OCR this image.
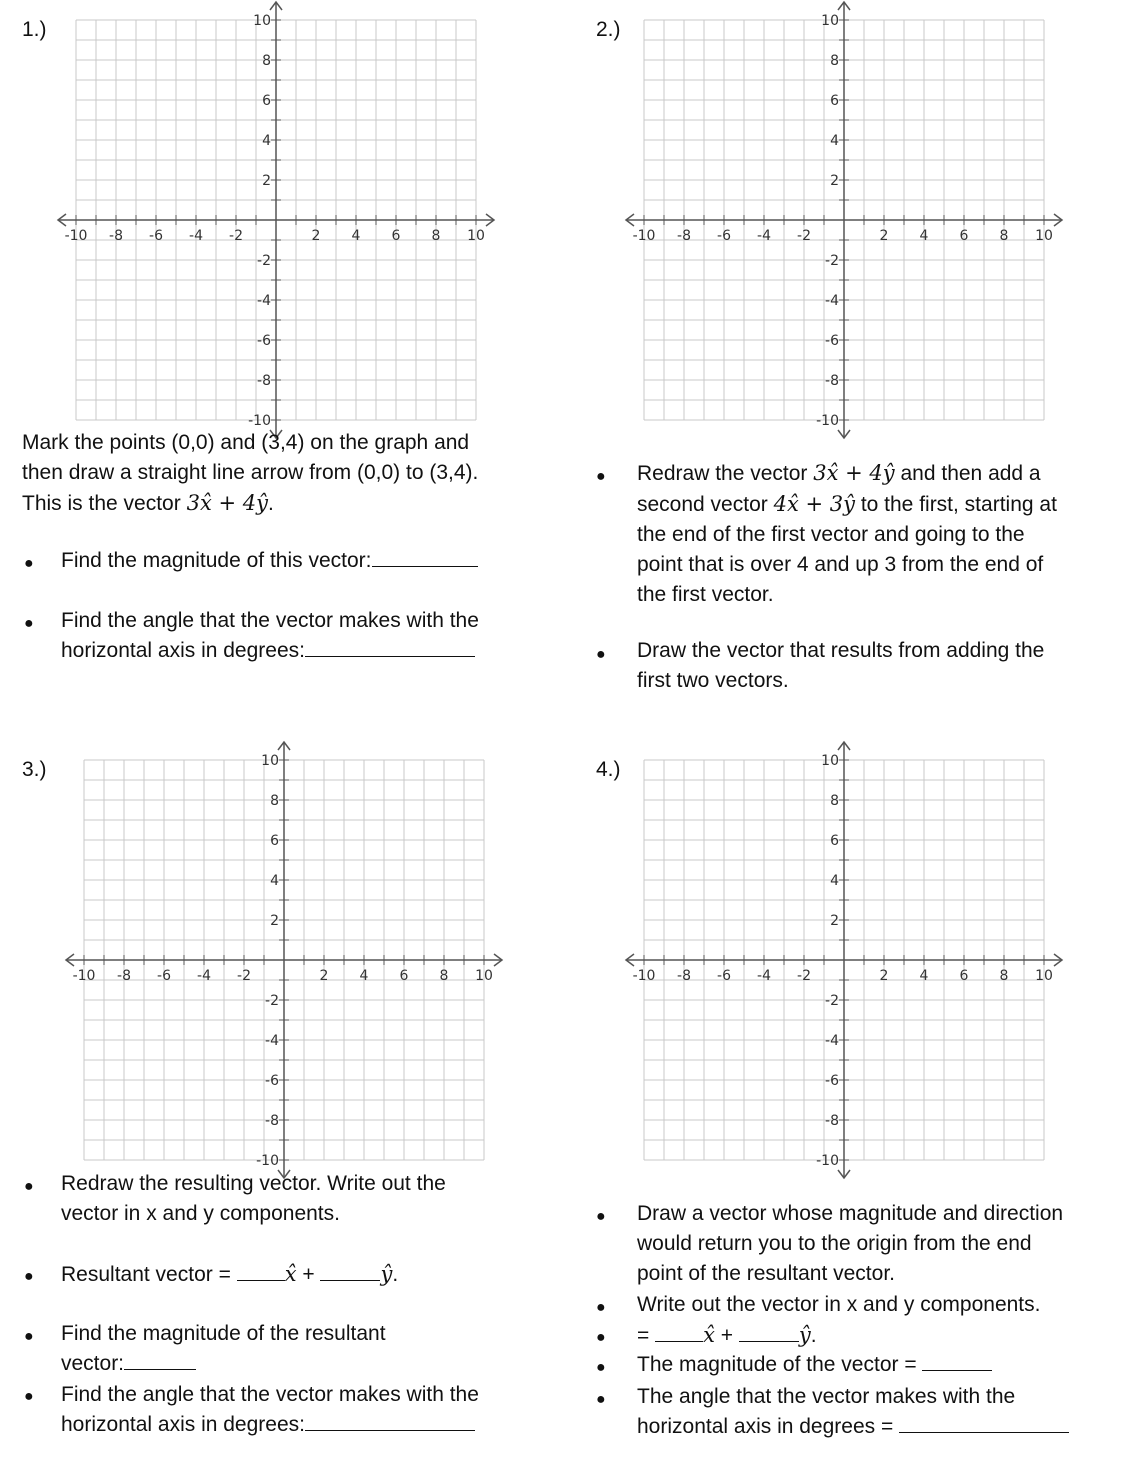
1.)
-10 -8 -6 -4 -2	2 4 6 8 10
10
8
6
4
2
-2
-4
-6
-8
-10
Mark the points (0,0) and (3,4) on the graph and
then draw a straight line arrow from (0,0) to (3,4).
This is the vector 3x̂ + 4ŷ.
● Find the magnitude of this vector:
● Find the angle that the vector makes with the
horizontal axis in degrees:
2.)
-10 -8 -6 -4 -2	2 4 6 8 10
10
8
6
4
2
-2
-4
-6
-8
-10
● Redraw the vector 3x̂ + 4ŷ and then add a
second vector 4x̂ + 3ŷ to the first, starting at
the end of the first vector and going to the
point that is over 4 and up 3 from the end of
the first vector.
● Draw the vector that results from adding the
first two vectors.
3.)
-10 -8 -6 -4 -2	2 4 6 8 10
10
8
6
4
2
-2
-4
-6
-8
-10
● Redraw the resulting vector. Write out the
vector in x and y components.
● Resultant vector =	x̂ +	ŷ.
● Find the magnitude of the resultant
vector:
● Find the angle that the vector makes with the
horizontal axis in degrees:
4.)
-10 -8 -6 -4 -2	2 4 6 8 10
10
8
6
4
2
-2
-4
-6
-8
-10
● Draw a vector whose magnitude and direction
would return you to the origin from the end
point of the resultant vector.
● Write out the vector in x and y components.
● =	x̂ +	ŷ.
● The magnitude of the vector =
● The angle that the vector makes with the
horizontal axis in degrees =
